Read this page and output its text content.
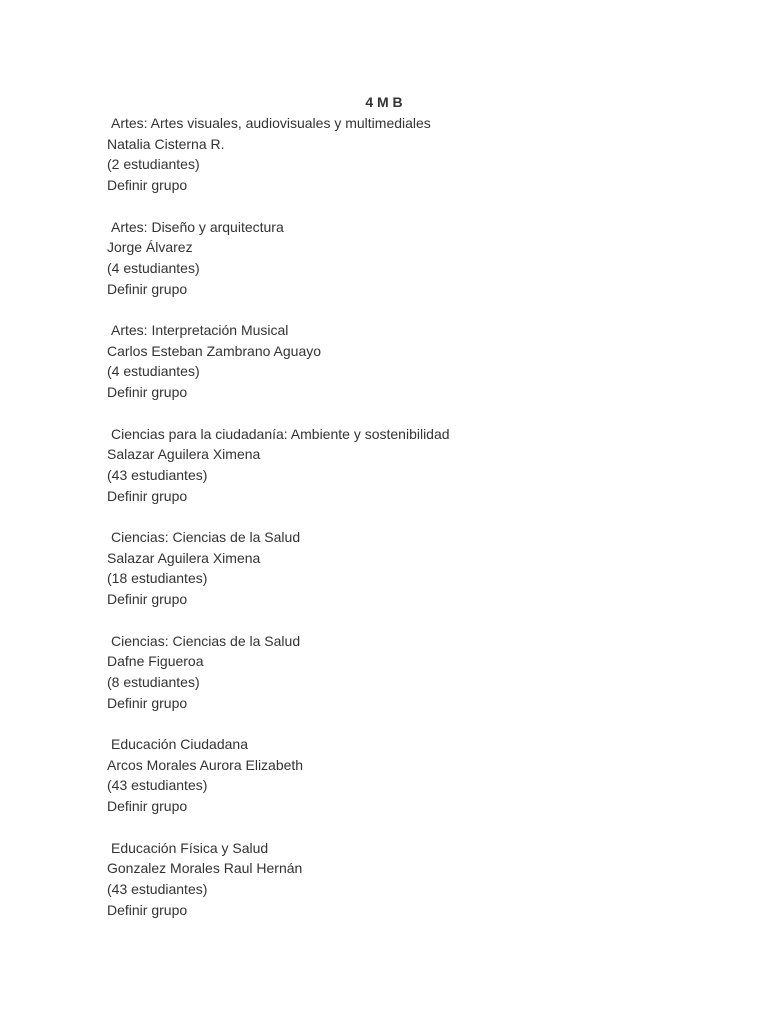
4 M B
Artes: Artes visuales, audiovisuales y multimediales
Natalia Cisterna R.
(2 estudiantes)
Definir grupo
Artes: Diseño y arquitectura
Jorge Álvarez
(4 estudiantes)
Definir grupo
Artes: Interpretación Musical
Carlos Esteban Zambrano Aguayo
(4 estudiantes)
Definir grupo
Ciencias para la ciudadanía: Ambiente y sostenibilidad
Salazar Aguilera Ximena
(43 estudiantes)
Definir grupo
Ciencias: Ciencias de la Salud
Salazar Aguilera Ximena
(18 estudiantes)
Definir grupo
Ciencias: Ciencias de la Salud
Dafne Figueroa
(8 estudiantes)
Definir grupo
Educación Ciudadana
Arcos Morales Aurora Elizabeth
(43 estudiantes)
Definir grupo
Educación Física y Salud
Gonzalez Morales Raul Hernán
(43 estudiantes)
Definir grupo
